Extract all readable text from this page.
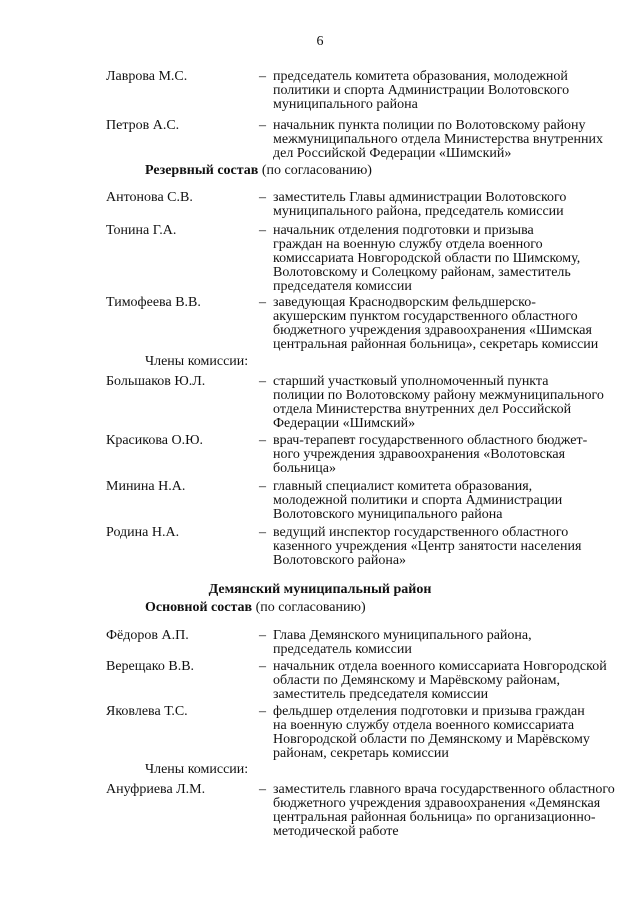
6
Лаврова М.С.	– председатель комитета образования, молодежной
политики и спорта Администрации Волотовского
муниципального района
Петров А.С.	– начальник пункта полиции по Волотовскому району
межмуниципального отдела Министерства внутренних
дел Российской Федерации «Шимский»
Резервный состав (по согласованию)
Антонова С.В.	– заместитель Главы администрации Волотовского
муниципального района, председатель комиссии
Тонина Г.А.	– начальник отделения подготовки и призыва
граждан на военную службу отдела военного
комиссариата Новгородской области по Шимскому,
Волотовскому и Солецкому районам, заместитель
председателя комиссии
Тимофеева В.В.	– заведующая Краснодворским фельдшерско-
акушерским пунктом государственного областного
бюджетного учреждения здравоохранения «Шимская
центральная районная больница», секретарь комиссии
Члены комиссии:
Большаков Ю.Л.	– старший участковый уполномоченный пункта
полиции по Волотовскому району межмуниципального
отдела Министерства внутренних дел Российской
Федерации «Шимский»
Красикова О.Ю.	– врач-терапевт государственного областного бюджет-
ного учреждения здравоохранения «Волотовская
больница»
Минина Н.А.	– главный специалист комитета образования,
молодежной политики и спорта Администрации
Волотовского муниципального района
Родина Н.А.	– ведущий инспектор государственного областного
казенного учреждения «Центр занятости населения
Волотовского района»
Демянский муниципальный район
Основной состав (по согласованию)
Фёдоров А.П.	– Глава Демянского муниципального района,
председатель комиссии
Верещако В.В.	– начальник отдела военного комиссариата Новгородской
области по Демянскому и Марёвскому районам,
заместитель председателя комиссии
Яковлева Т.С.	– фельдшер отделения подготовки и призыва граждан
на военную службу отдела военного комиссариата
Новгородской области по Демянскому и Марёвскому
районам, секретарь комиссии
Члены комиссии:
Ануфриева Л.М.	– заместитель главного врача государственного областного
бюджетного учреждения здравоохранения «Демянская
центральная районная больница» по организационно-
методической работе
